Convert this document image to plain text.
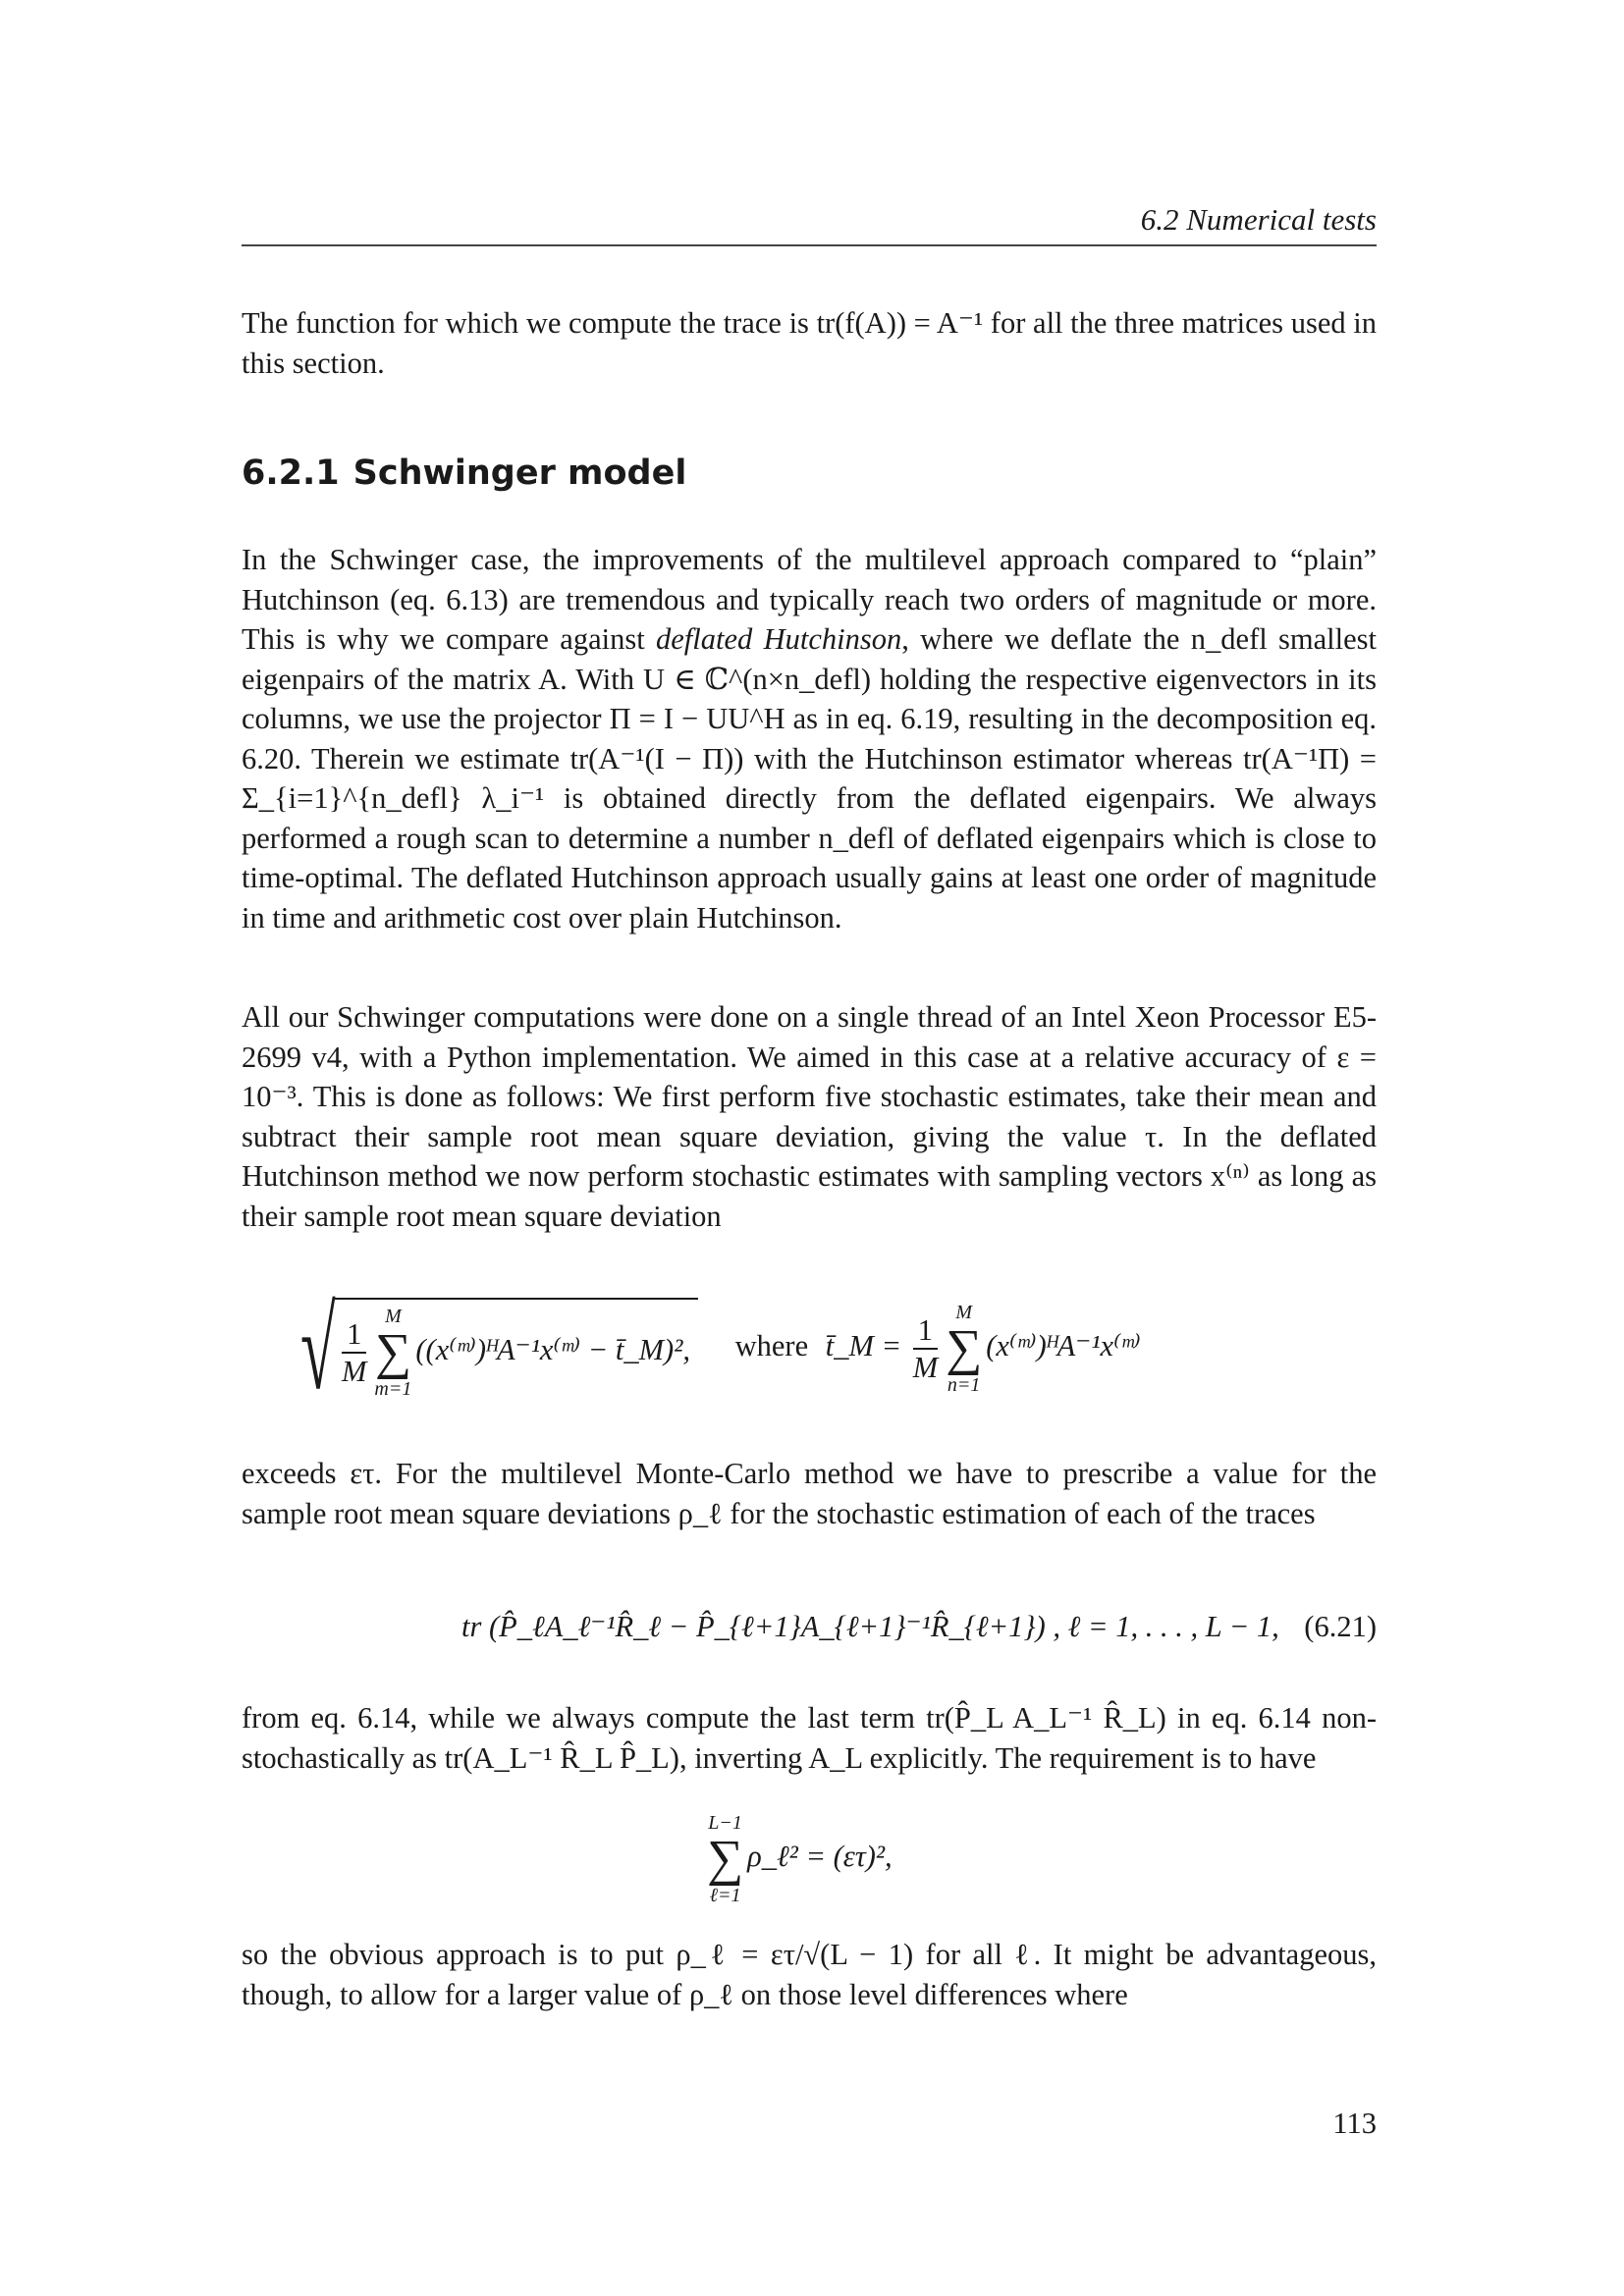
6.2 Numerical tests

The function for which we compute the trace is tr(f(A)) = A⁻¹ for all the three matrices used in this section.

6.2.1 Schwinger model

In the Schwinger case, the improvements of the multilevel approach compared to “plain” Hutchinson (eq. 6.13) are tremendous and typically reach two orders of magnitude or more. This is why we compare against deflated Hutchinson, where we deflate the n_defl smallest eigenpairs of the matrix A. With U ∈ ℂ^(n×n_defl) holding the respective eigenvectors in its columns, we use the projector Π = I − UU^H as in eq. 6.19, resulting in the decomposition eq. 6.20. Therein we estimate tr(A⁻¹(I − Π)) with the Hutchinson estimator whereas tr(A⁻¹Π) = Σ_{i=1}^{n_defl} λ_i⁻¹ is obtained directly from the deflated eigenpairs. We always performed a rough scan to determine a number n_defl of deflated eigenpairs which is close to time-optimal. The deflated Hutchinson approach usually gains at least one order of magnitude in time and arithmetic cost over plain Hutchinson.

All our Schwinger computations were done on a single thread of an Intel Xeon Processor E5-2699 v4, with a Python implementation. We aimed in this case at a relative accuracy of ε = 10⁻³. This is done as follows: We first perform five stochastic estimates, take their mean and subtract their sample root mean square deviation, giving the value τ. In the deflated Hutchinson method we now perform stochastic estimates with sampling vectors x⁽ⁿ⁾ as long as their sample root mean square deviation

√ $\frac{1}{M}$ M
∑
m=1
((x⁽ᵐ⁾)ᴴA⁻¹x⁽ᵐ⁾ − t̄_M)², where t̄_M = $\frac{1}{M}$ M
∑
n=1
(x⁽ᵐ⁾)ᴴA⁻¹x⁽ᵐ⁾

exceeds ετ. For the multilevel Monte-Carlo method we have to prescribe a value for the sample root mean square deviations ρ_ℓ for the stochastic estimation of each of the traces

tr (P̂_ℓA_ℓ⁻¹R̂_ℓ − P̂_{ℓ+1}A_{ℓ+1}⁻¹R̂_{ℓ+1}) , ℓ = 1, . . . , L − 1, (6.21)

from eq. 6.14, while we always compute the last term tr(P̂_L A_L⁻¹ R̂_L) in eq. 6.14 non-stochastically as tr(A_L⁻¹ R̂_L P̂_L), inverting A_L explicitly. The requirement is to have

L−1
∑
ℓ=1
ρ_ℓ² = (ετ)²,

so the obvious approach is to put ρ_ℓ = ετ/√(L − 1) for all ℓ. It might be advantageous, though, to allow for a larger value of ρ_ℓ on those level differences where

113
